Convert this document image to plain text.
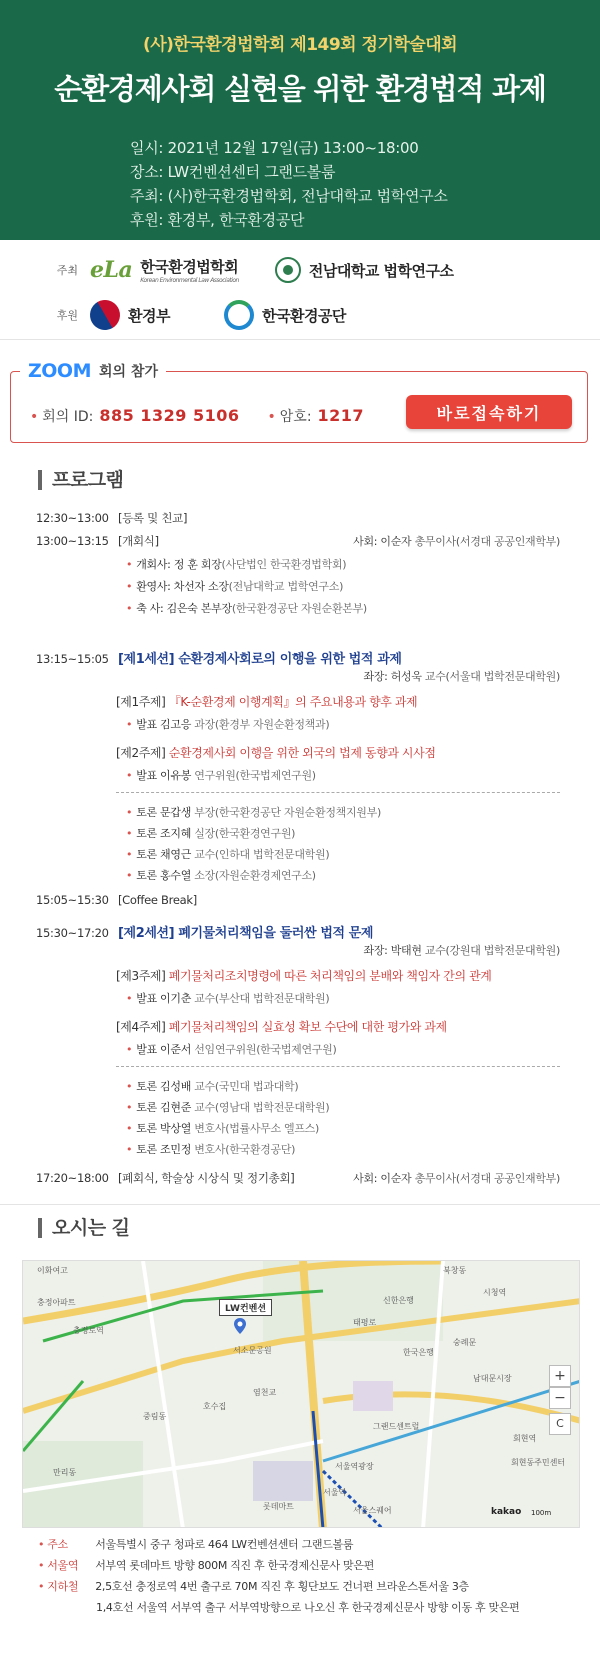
(사)한국환경법학회 제149회 정기학술대회
순환경제사회 실현을 위한 환경법적 과제
일시: 2021년 12월 17일(금) 13:00~18:00
장소: LW컨벤션센터 그랜드볼룸
주최: (사)한국환경법학회, 전남대학교 법학연구소
후원: 환경부, 한국환경공단
주최 eLa 한국환경법학회
Korean Environmental Law Association
전남대학교 법학연구소
후원	환경부	한국환경공단
ZOOM 회의 참가
• 회의 ID: 885 1329 5106 • 암호: 1217	바로접속하기
프로그램
12:30~13:00 [등록 및 친교]
13:00~13:15 [개회식]	사회: 이순자 총무이사(서경대 공공인재학부)
• 개회사: 정 훈 회장(사단법인 한국환경법학회)
• 환영사: 차선자 소장(전남대학교 법학연구소)
• 축 사: 김은숙 본부장(한국환경공단 자원순환본부)
13:15~15:05 [제1세션] 순환경제사회로의 이행을 위한 법적 과제
좌장: 허성욱 교수(서울대 법학전문대학원)
[제1주제] 『K-순환경제 이행계획』의 주요내용과 향후 과제
• 발표 김고응 과장(환경부 자원순환정책과)
[제2주제] 순환경제사회 이행을 위한 외국의 법제 동향과 시사점
• 발표 이유봉 연구위원(한국법제연구원)
• 토론 문갑생 부장(한국환경공단 자원순환정책지원부)
• 토론 조지혜 실장(한국환경연구원)
• 토론 채영근 교수(인하대 법학전문대학원)
• 토론 홍수열 소장(자원순환경제연구소)
15:05~15:30 [Coffee Break]
15:30~17:20 [제2세션] 폐기물처리책임을 둘러싼 법적 문제
좌장: 박태현 교수(강원대 법학전문대학원)
[제3주제] 폐기물처리조치명령에 따른 처리책임의 분배와 책임자 간의 관계
• 발표 이기춘 교수(부산대 법학전문대학원)
[제4주제] 폐기물처리책임의 실효성 확보 수단에 대한 평가와 과제
• 발표 이준서 선임연구위원(한국법제연구원)
• 토론 김성배 교수(국민대 법과대학)
• 토론 김현준 교수(영남대 법학전문대학원)
• 토론 박상열 변호사(법률사무소 엘프스)
• 토론 조민정 변호사(한국환경공단)
17:20~18:00 [폐회식, 학술상 시상식 및 정기총회]	사회: 이순자 총무이사(서경대 공공인재학부)
오시는 길
이화여고
충정로역
서울역
숭례문
남대문시장
회현역
중림동
서소문공원
염천교
롯데마트	서울스퀘어
신한은행
한국은행
태평로
만리동
충정아파트
호수집
북창동
회현동주민센터
시청역
그랜드센트럴
서울역광장
LW컨벤션
+
−
C
kakao 100m
• 주소 서울특별시 중구 청파로 464 LW컨벤션센터 그랜드볼룸
• 서울역 서부역 롯데마트 방향 800M 직진 후 한국경제신문사 맞은편
• 지하철 2,5호선 충정로역 4번 출구로 70M 직진 후 횡단보도 건너편 브라운스톤서울 3층
1,4호선 서울역 서부역 출구 서부역방향으로 나오신 후 한국경제신문사 방향 이동 후 맞은편
